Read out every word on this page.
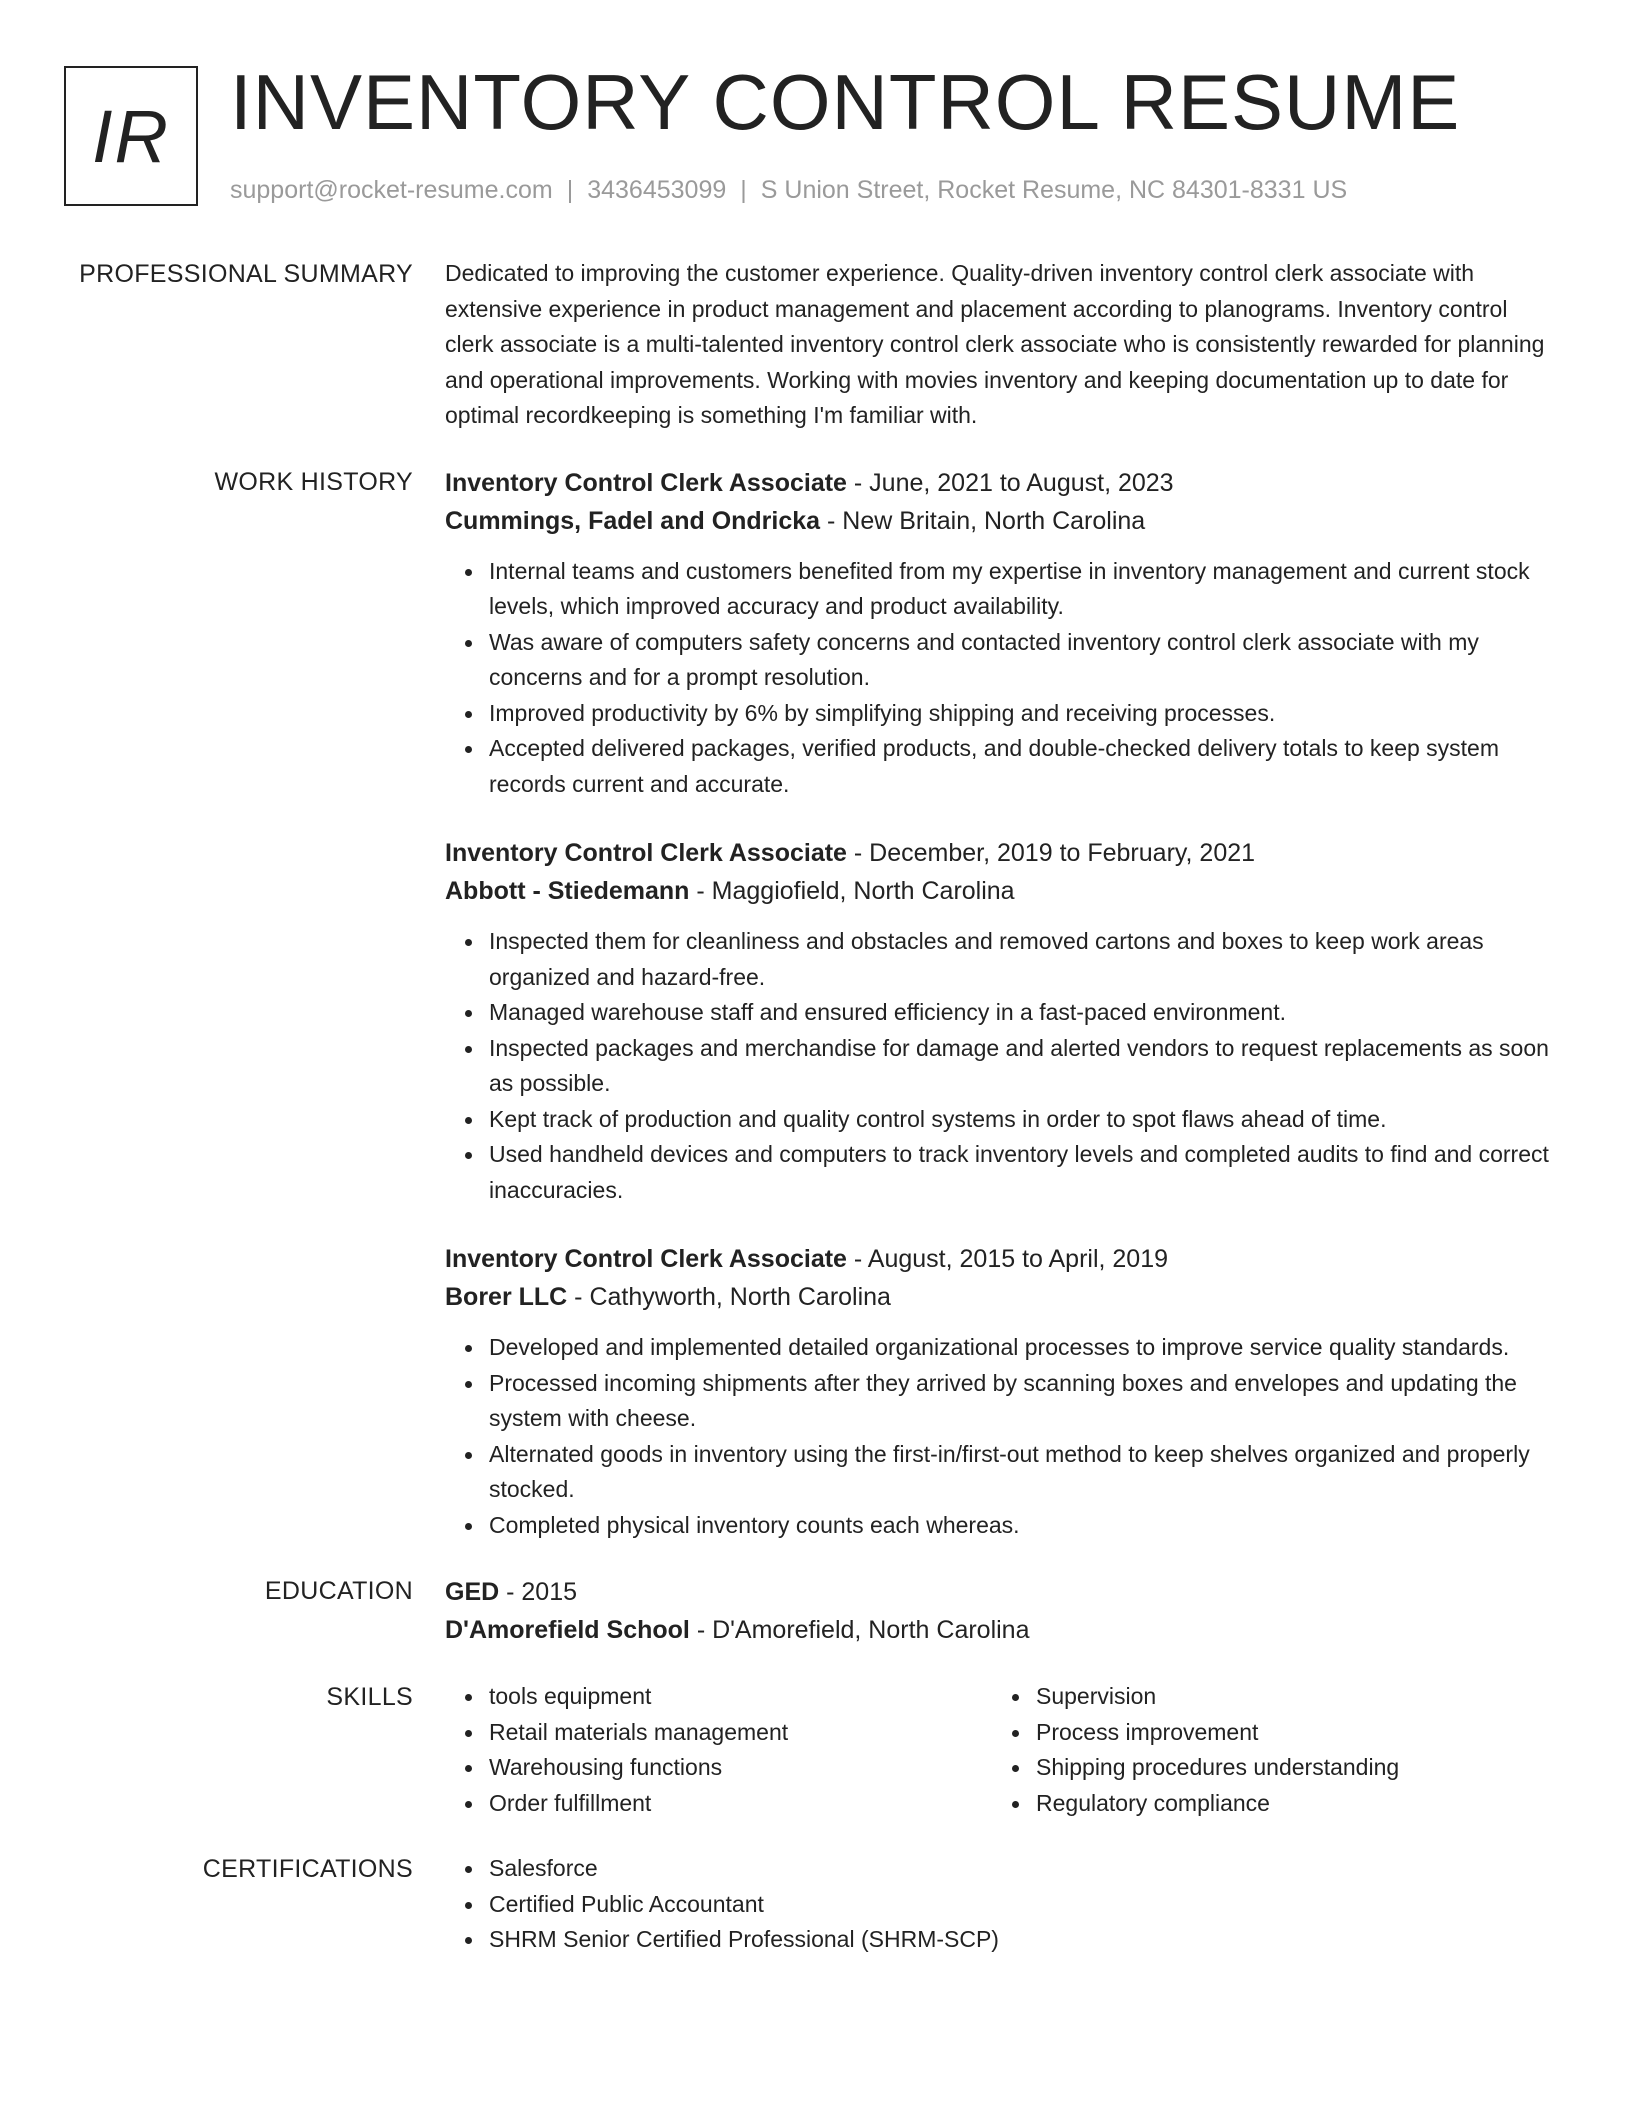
IR INVENTORY CONTROL RESUME
support@rocket-resume.com | 3436453099 | S Union Street, Rocket Resume, NC 84301-8331 US
PROFESSIONAL SUMMARY Dedicated to improving the customer experience. Quality-driven inventory control clerk associate with extensive experience in product management and placement according to planograms. Inventory control clerk associate is a multi-talented inventory control clerk associate who is consistently rewarded for planning and operational improvements. Working with movies inventory and keeping documentation up to date for optimal recordkeeping is something I'm familiar with.

WORK HISTORY Inventory Control Clerk Associate - June, 2021 to August, 2023
Cummings, Fadel and Ondricka - New Britain, North Carolina
Internal teams and customers benefited from my expertise in inventory management and current stock levels, which improved accuracy and product availability.
Was aware of computers safety concerns and contacted inventory control clerk associate with my concerns and for a prompt resolution.
Improved productivity by 6% by simplifying shipping and receiving processes.
Accepted delivered packages, verified products, and double-checked delivery totals to keep system records current and accurate.
Inventory Control Clerk Associate - December, 2019 to February, 2021
Abbott - Stiedemann - Maggiofield, North Carolina
Inspected them for cleanliness and obstacles and removed cartons and boxes to keep work areas organized and hazard-free.
Managed warehouse staff and ensured efficiency in a fast-paced environment.
Inspected packages and merchandise for damage and alerted vendors to request replacements as soon as possible.
Kept track of production and quality control systems in order to spot flaws ahead of time.
Used handheld devices and computers to track inventory levels and completed audits to find and correct inaccuracies.
Inventory Control Clerk Associate - August, 2015 to April, 2019
Borer LLC - Cathyworth, North Carolina
Developed and implemented detailed organizational processes to improve service quality standards.
Processed incoming shipments after they arrived by scanning boxes and envelopes and updating the system with cheese.
Alternated goods in inventory using the first-in/first-out method to keep shelves organized and properly stocked.
Completed physical inventory counts each whereas.
EDUCATION GED - 2015
D'Amorefield School - D'Amorefield, North Carolina
SKILLS	tools equipment
Retail materials management
Warehousing functions
Order fulfillment
Supervision
Process improvement
Shipping procedures understanding
Regulatory compliance
CERTIFICATIONS	Salesforce
Certified Public Accountant
SHRM Senior Certified Professional (SHRM-SCP)
